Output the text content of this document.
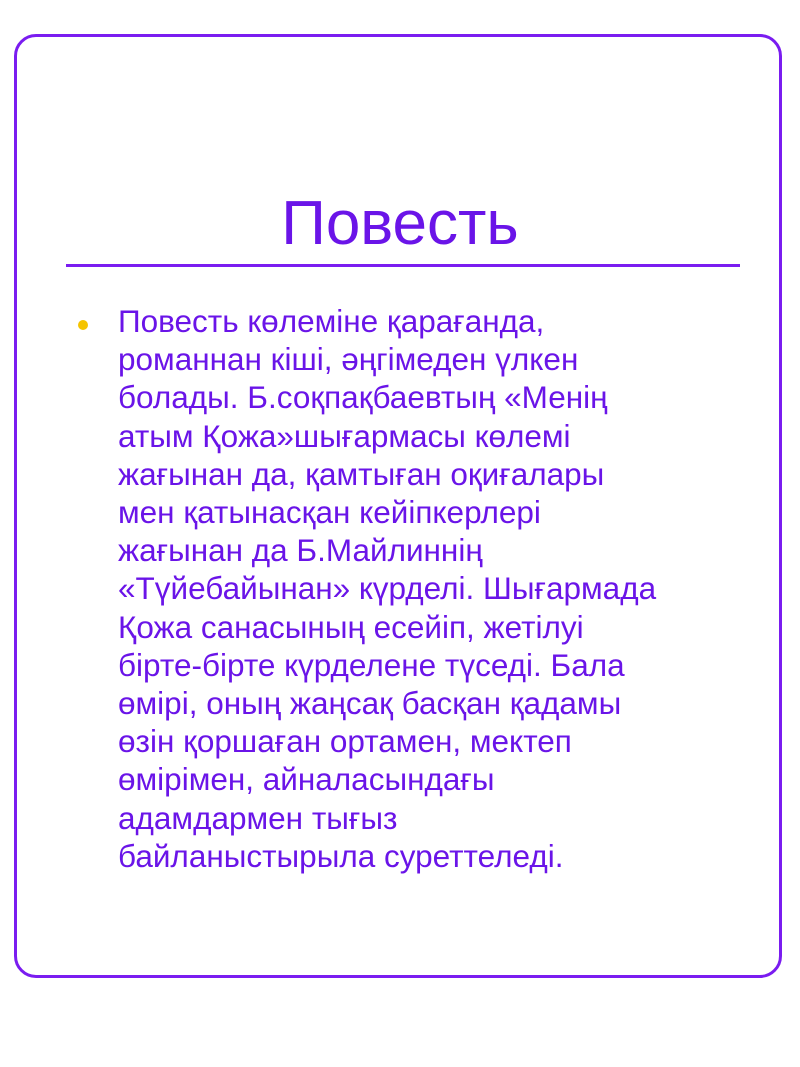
Повесть

Повесть көлеміне қарағанда,
романнан кіші, әңгімеден үлкен
болады. Б.соқпақбаевтың «Менің
атым Қожа»шығармасы көлемі
жағынан да, қамтыған оқиғалары
мен қатынасқан кейіпкерлері
жағынан да Б.Майлиннің
«Түйебайынан» күрделі. Шығармада
Қожа санасының есейіп, жетілуі
бірте-бірте күрделене түседі. Бала
өмірі, оның жаңсақ басқан қадамы
өзін қоршаған ортамен, мектеп
өмірімен, айналасындағы
адамдармен тығыз
байланыстырыла суреттеледі.
